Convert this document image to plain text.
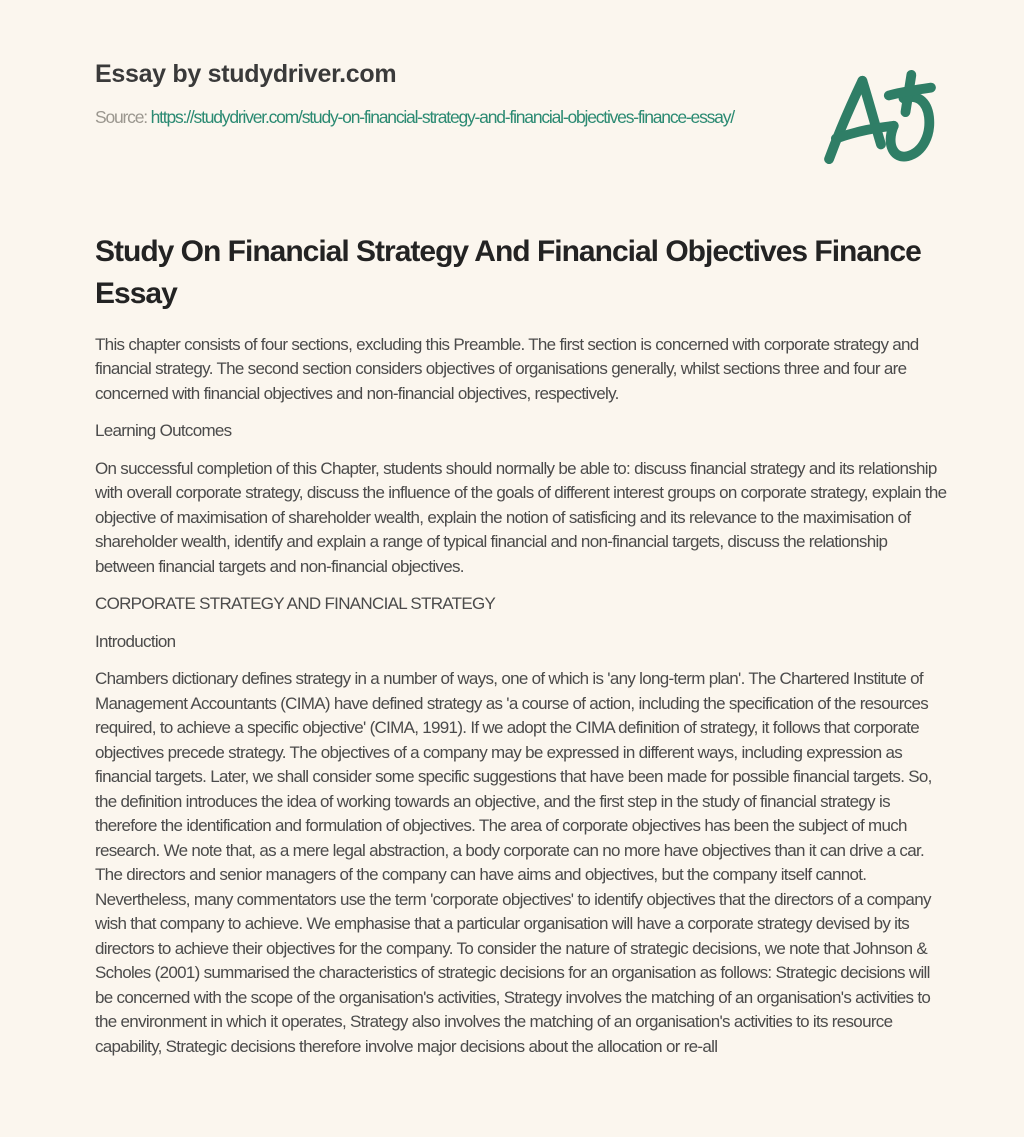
Essay by studydriver.com

Source: https://studydriver.com/study-on-financial-strategy-and-financial-objectives-finance-essay/

Study On Financial Strategy And Financial Objectives Finance Essay

This chapter consists of four sections, excluding this Preamble. The first section is concerned with corporate strategy and financial strategy. The second section considers objectives of organisations generally, whilst sections three and four are concerned with financial objectives and non-financial objectives, respectively.

Learning Outcomes

On successful completion of this Chapter, students should normally be able to: discuss financial strategy and its relationship with overall corporate strategy, discuss the influence of the goals of different interest groups on corporate strategy, explain the objective of maximisation of shareholder wealth, explain the notion of satisficing and its relevance to the maximisation of shareholder wealth, identify and explain a range of typical financial and non-financial targets, discuss the relationship between financial targets and non-financial objectives.

CORPORATE STRATEGY AND FINANCIAL STRATEGY
Introduction

Chambers dictionary defines strategy in a number of ways, one of which is 'any long-term plan'. The Chartered Institute of Management Accountants (CIMA) have defined strategy as 'a course of action, including the specification of the resources required, to achieve a specific objective' (CIMA, 1991). If we adopt the CIMA definition of strategy, it follows that corporate objectives precede strategy. The objectives of a company may be expressed in different ways, including expression as financial targets. Later, we shall consider some specific suggestions that have been made for possible financial targets. So, the definition introduces the idea of working towards an objective, and the first step in the study of financial strategy is therefore the identification and formulation of objectives. The area of corporate objectives has been the subject of much research. We note that, as a mere legal abstraction, a body corporate can no more have objectives than it can drive a car. The directors and senior managers of the company can have aims and objectives, but the company itself cannot. Nevertheless, many commentators use the term 'corporate objectives' to identify objectives that the directors of a company wish that company to achieve. We emphasise that a particular organisation will have a corporate strategy devised by its directors to achieve their objectives for the company. To consider the nature of strategic decisions, we note that Johnson & Scholes (2001) summarised the characteristics of strategic decisions for an organisation as follows: Strategic decisions will be concerned with the scope of the organisation's activities, Strategy involves the matching of an organisation's activities to the environment in which it operates, Strategy also involves the matching of an organisation's activities to its resource capability, Strategic decisions therefore involve major decisions about the allocation or re-all
